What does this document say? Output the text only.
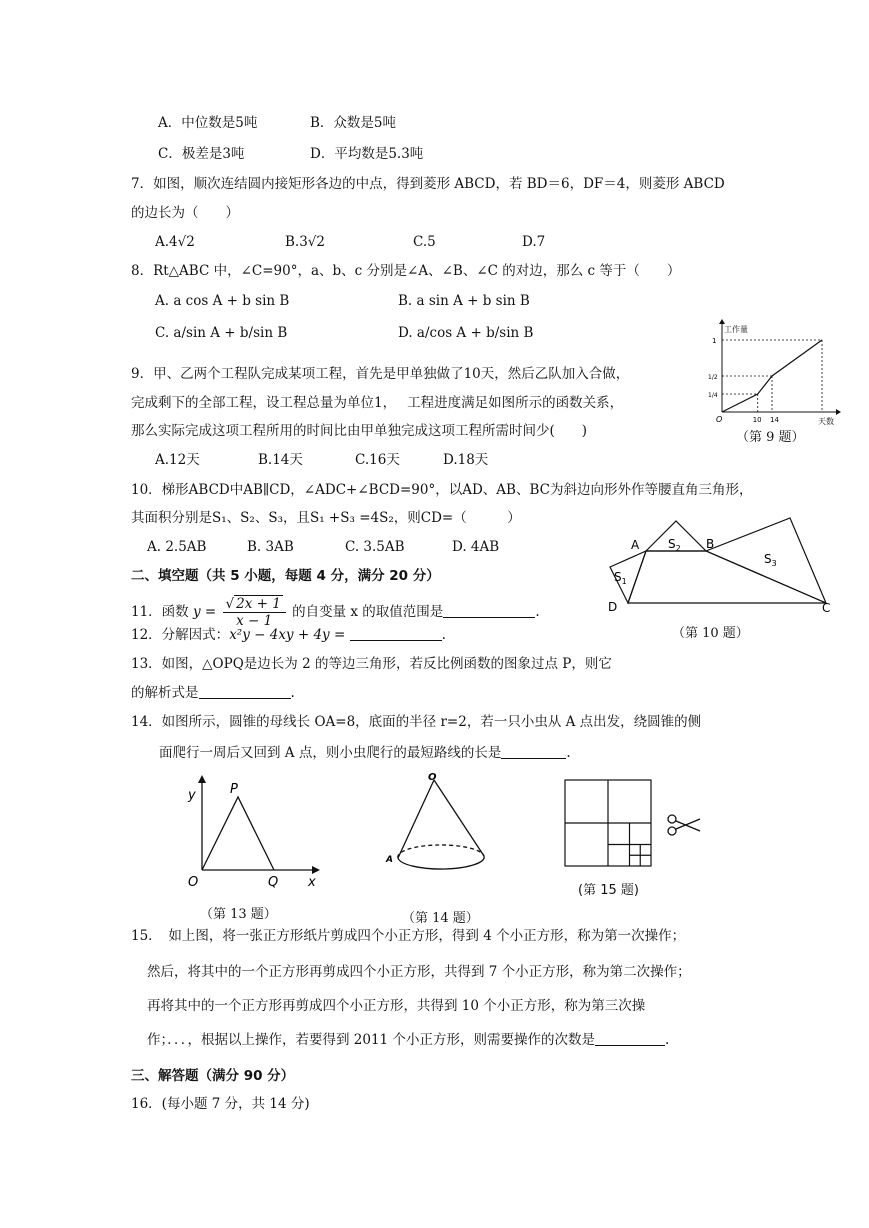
A．中位数是5吨	B．众数是5吨
C．极差是3吨	D．平均数是5.3吨
7．如图，顺次连结圆内接矩形各边的中点，得到菱形 ABCD，若 BD＝6，DF＝4，则菱形 ABCD
的边长为（　　）
A.4√2	B.3√2	C.5	D.7
8．Rt△ABC 中，∠C=90°，a、b、c 分别是∠A、∠B、∠C 的对边，那么 c 等于（　　）
A. a cos A + b sin B	B. a sin A + b sin B
C. a/sin A + b/sin B	D. a/cos A + b/sin B
9．甲、乙两个工程队完成某项工程，首先是甲单独做了10天，然后乙队加入合做，
完成剩下的全部工程，设工程总量为单位1，　 工程进度满足如图所示的函数关系，
那么实际完成这项工程所用的时间比由甲单独完成这项工程所需时间少(　　)
A.12天	B.14天	C.16天	D.18天
工作量
天数
O	10 14
1
1/2
1/4
（第 9 题）
10．梯形ABCD中AB∥CD，∠ADC+∠BCD=90°，以AD、AB、BC为斜边向形外作等腰直角三角形，
其面积分别是S₁、S₂、S₃，且S₁ +S₃ =4S₂，则CD=（　　　）
A. 2.5AB	B. 3AB	C. 3.5AB	D. 4AB	A	B
D	C
$S_2$
$S_1$
$S_3$
（第 10 题）
二、填空题（共 5 小题，每题 4 分，满分 20 分）
11．函数 $y = \frac{√ 2x + 1}{x - 1}$ 的自变量 x 的取值范围是	.
12．分解因式：x²y − 4xy + 4y =	.
13．如图，△OPQ是边长为 2 的等边三角形，若反比例函数的图象过点 P，则它
的解析式是	.
14．如图所示，圆锥的母线长 OA=8，底面的半径 r=2，若一只小虫从 A 点出发，绕圆锥的侧
面爬行一周后又回到 A 点，则小虫爬行的最短路线的长是	.
y	P
O	Q x
（第 13 题）
O
A
（第 14 题）
(第 15 题)
15．　如上图，将一张正方形纸片剪成四个小正方形，得到 4 个小正方形，称为第一次操作；
然后，将其中的一个正方形再剪成四个小正方形，共得到 7 个小正方形，称为第二次操作；
再将其中的一个正方形再剪成四个小正方形，共得到 10 个小正方形，称为第三次操
作；．．．，根据以上操作，若要得到 2011 个小正方形，则需要操作的次数是	.
三、解答题（满分 90 分）
16．(每小题 7 分，共 14 分)
